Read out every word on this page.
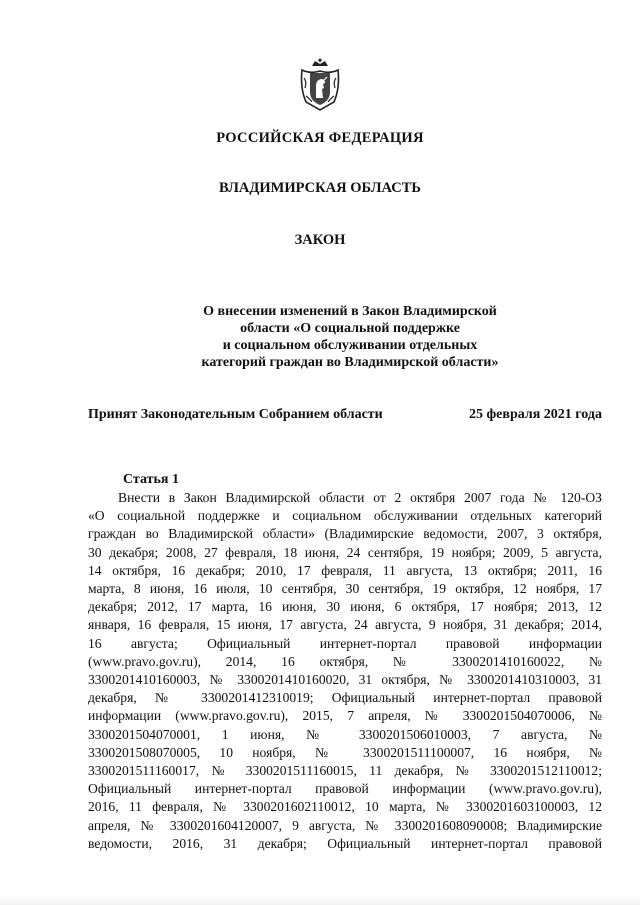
РОССИЙСКАЯ ФЕДЕРАЦИЯ
ВЛАДИМИРСКАЯ ОБЛАСТЬ
ЗАКОН
О внесении изменений в Закон Владимирской
области «О социальной поддержке
и социальном обслуживании отдельных
категорий граждан во Владимирской области»
Принят Законодательным Собранием области	25 февраля 2021 года
Статья 1
Внести в Закон Владимирской области от 2 октября 2007 года № 120-ОЗ
«О социальной поддержке и социальном обслуживании отдельных категорий
граждан во Владимирской области» (Владимирские ведомости, 2007, 3 октября,
30 декабря; 2008, 27 февраля, 18 июня, 24 сентября, 19 ноября; 2009, 5 августа,
14 октября, 16 декабря; 2010, 17 февраля, 11 августа, 13 октября; 2011, 16
марта, 8 июня, 16 июля, 10 сентября, 30 сентября, 19 октября, 12 ноября, 17
декабря; 2012, 17 марта, 16 июня, 30 июня, 6 октября, 17 ноября; 2013, 12
января, 16 февраля, 15 июня, 17 августа, 24 августа, 9 ноября, 31 декабря; 2014,
16 августа; Официальный интернет-портал правовой информации
(www.pravo.gov.ru), 2014, 16 октября, № 3300201410160022, №
3300201410160003, № 3300201410160020, 31 октября, № 3300201410310003, 31
декабря, № 3300201412310019; Официальный интернет-портал правовой
информации (www.pravo.gov.ru), 2015, 7 апреля, № 3300201504070006, №
3300201504070001, 1 июня, № 3300201506010003, 7 августа, №
3300201508070005, 10 ноября, № 3300201511100007, 16 ноября, №
3300201511160017, № 3300201511160015, 11 декабря, № 3300201512110012;
Официальный интернет-портал правовой информации (www.pravo.gov.ru),
2016, 11 февраля, № 3300201602110012, 10 марта, № 3300201603100003, 12
апреля, № 3300201604120007, 9 августа, № 3300201608090008; Владимирские
ведомости, 2016, 31 декабря; Официальный интернет-портал правовой
